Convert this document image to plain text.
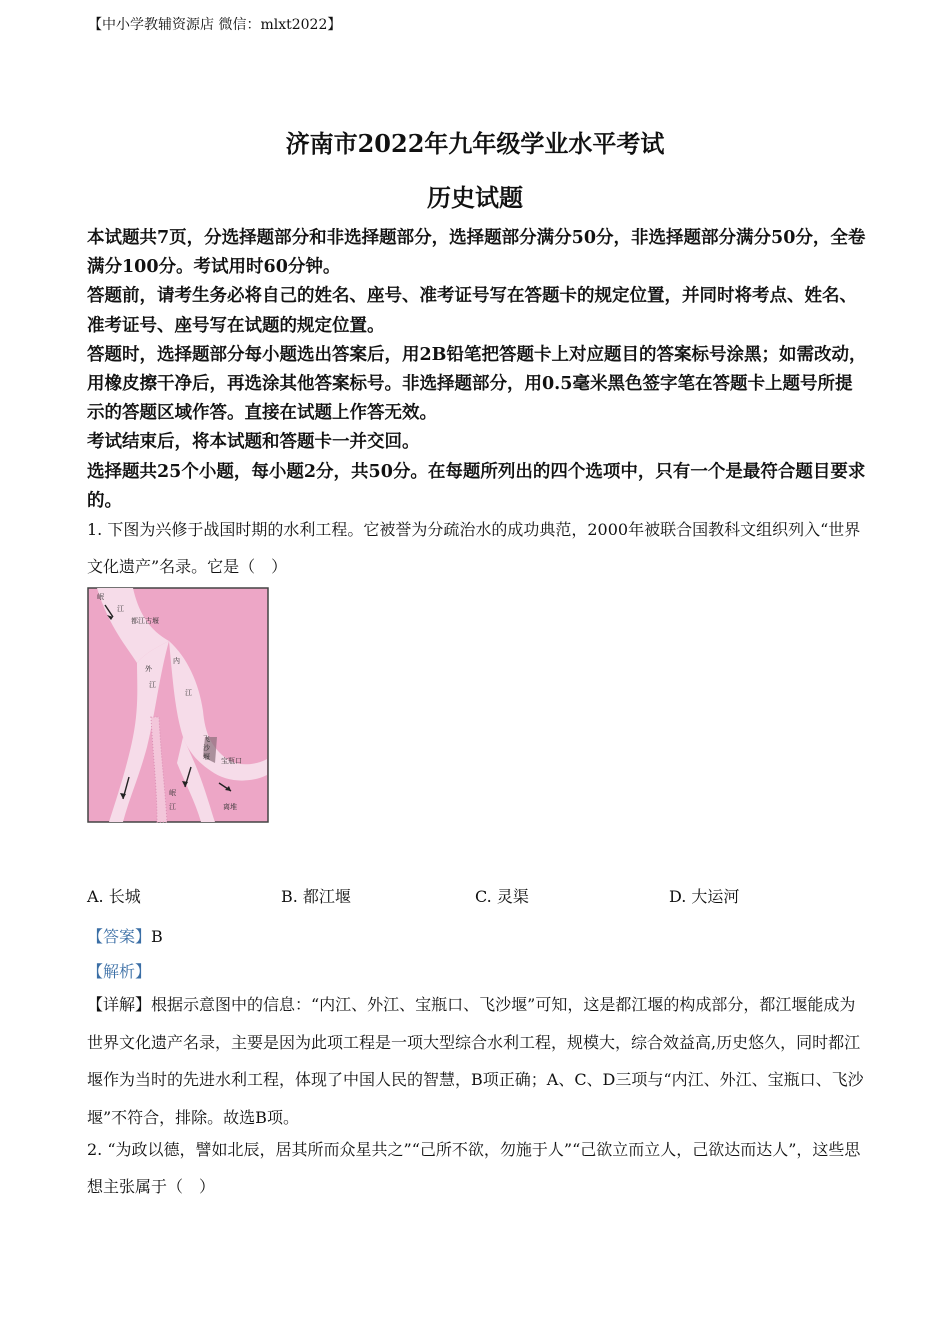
【中小学教辅资源店 微信：mlxt2022】
济南市2022年九年级学业水平考试
历史试题

本试题共7页，分选择题部分和非选择题部分，选择题部分满分50分，非选择题部分满分50分，全卷满分100分。考试用时60分钟。

答题前，请考生务必将自己的姓名、座号、准考证号写在答题卡的规定位置，并同时将考点、姓名、准考证号、座号写在试题的规定位置。

答题时，选择题部分每小题选出答案后，用2B铅笔把答题卡上对应题目的答案标号涂黑；如需改动，用橡皮擦干净后，再选涂其他答案标号。非选择题部分，用0.5毫米黑色签字笔在答题卡上题号所提示的答题区域作答。直接在试题上作答无效。

考试结束后，将本试题和答题卡一并交回。

选择题共25个小题，每小题2分，共50分。在每题所列出的四个选项中，只有一个是最符合题目要求的。

1. 下图为兴修于战国时期的水利工程。它被誉为分疏治水的成功典范，2000年被联合国教科文组织列入“世界文化遗产”名录。它是（　）

岷
江
都江古堰
外
江
内
江
飞
沙
堰 宝瓶口
离堆
岷
江
A. 长城	B. 都江堰	C. 灵渠	D. 大运河
【答案】B
【解析】

【详解】根据示意图中的信息：“内江、外江、宝瓶口、飞沙堰”可知，这是都江堰的构成部分，都江堰能成为世界文化遗产名录，主要是因为此项工程是一项大型综合水利工程，规模大，综合效益高,历史悠久，同时都江堰作为当时的先进水利工程，体现了中国人民的智慧，B项正确；A、C、D三项与“内江、外江、宝瓶口、飞沙堰”不符合，排除。故选B项。

2. “为政以德，譬如北辰，居其所而众星共之”“己所不欲，勿施于人”“己欲立而立人，己欲达而达人”，这些思想主张属于（　）
